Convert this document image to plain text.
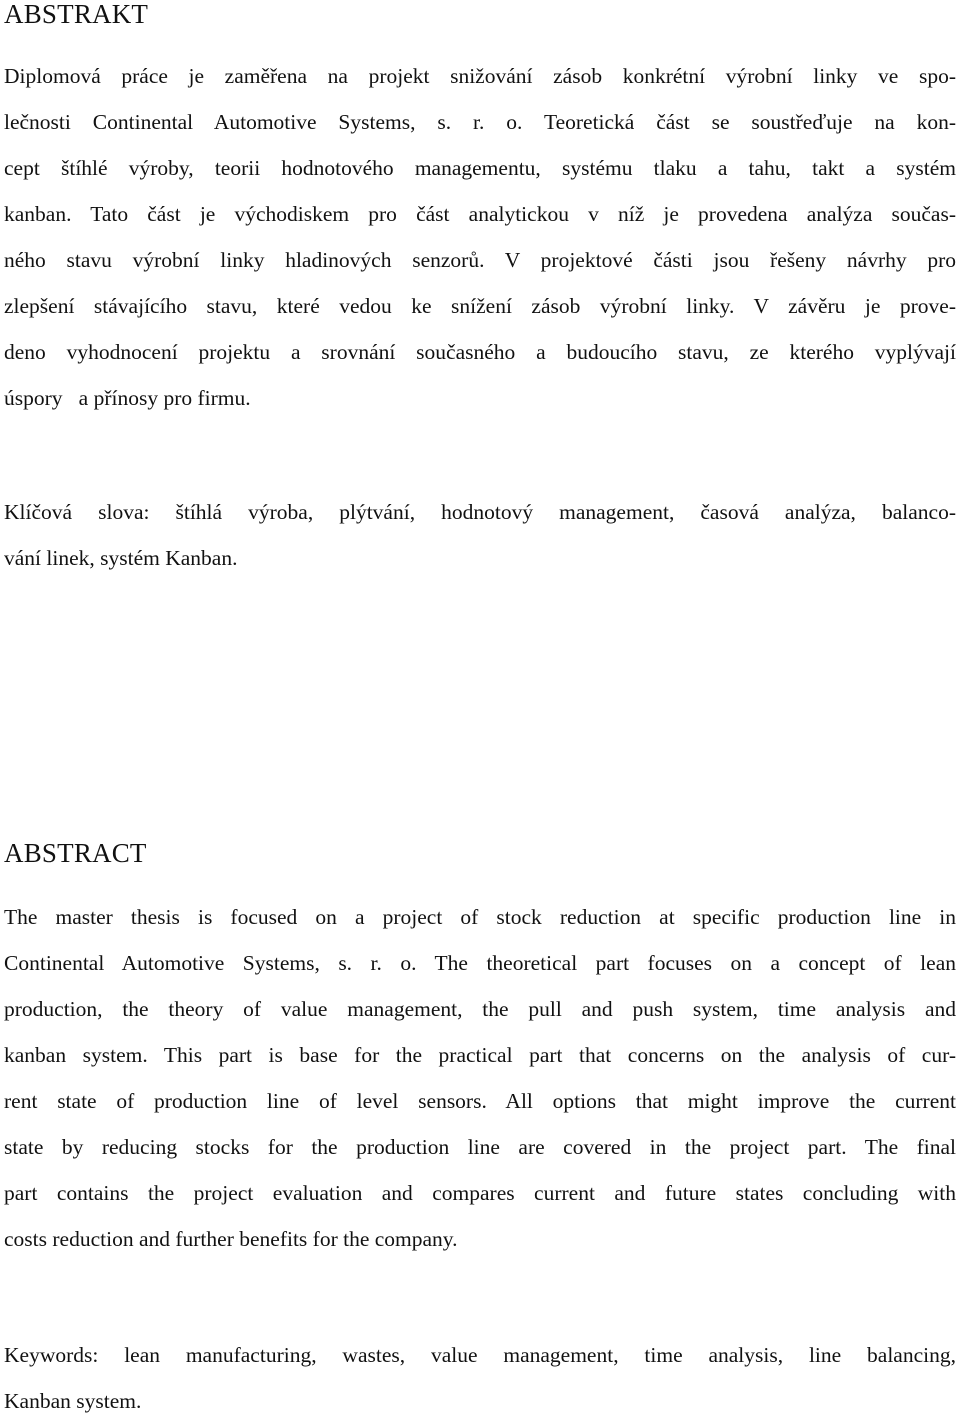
ABSTRAKT
Diplomová práce je zaměřena na projekt snižování zásob konkrétní výrobní linky ve spo-
lečnosti Continental Automotive Systems, s. r. o. Teoretická část se soustřeďuje na kon-
cept štíhlé výroby, teorii hodnotového managementu, systému tlaku a tahu, takt a systém
kanban. Tato část je východiskem pro část analytickou v níž je provedena analýza součas-
ného stavu výrobní linky hladinových senzorů. V projektové části jsou řešeny návrhy pro
zlepšení stávajícího stavu, které vedou ke snížení zásob výrobní linky. V závěru je prove-
deno vyhodnocení projektu a srovnání současného a budoucího stavu, ze kterého vyplývají
úspory   a přínosy pro firmu.
Klíčová slova: štíhlá výroba, plýtvání, hodnotový management, časová analýza, balanco-
vání linek, systém Kanban.
ABSTRACT
The master thesis is focused on a project of stock reduction at specific production line in
Continental Automotive Systems, s. r. o. The theoretical part focuses on a concept of lean
production, the theory of value management, the pull and push system, time analysis and
kanban system. This part is base for the practical part that concerns on the analysis of cur-
rent state of production line of level sensors. All options that might improve the current
state by reducing stocks for the production line are covered in the project part. The final
part contains the project evaluation and compares current and future states concluding with
costs reduction and further benefits for the company.
Keywords: lean manufacturing, wastes, value management, time analysis, line balancing,
Kanban system.
